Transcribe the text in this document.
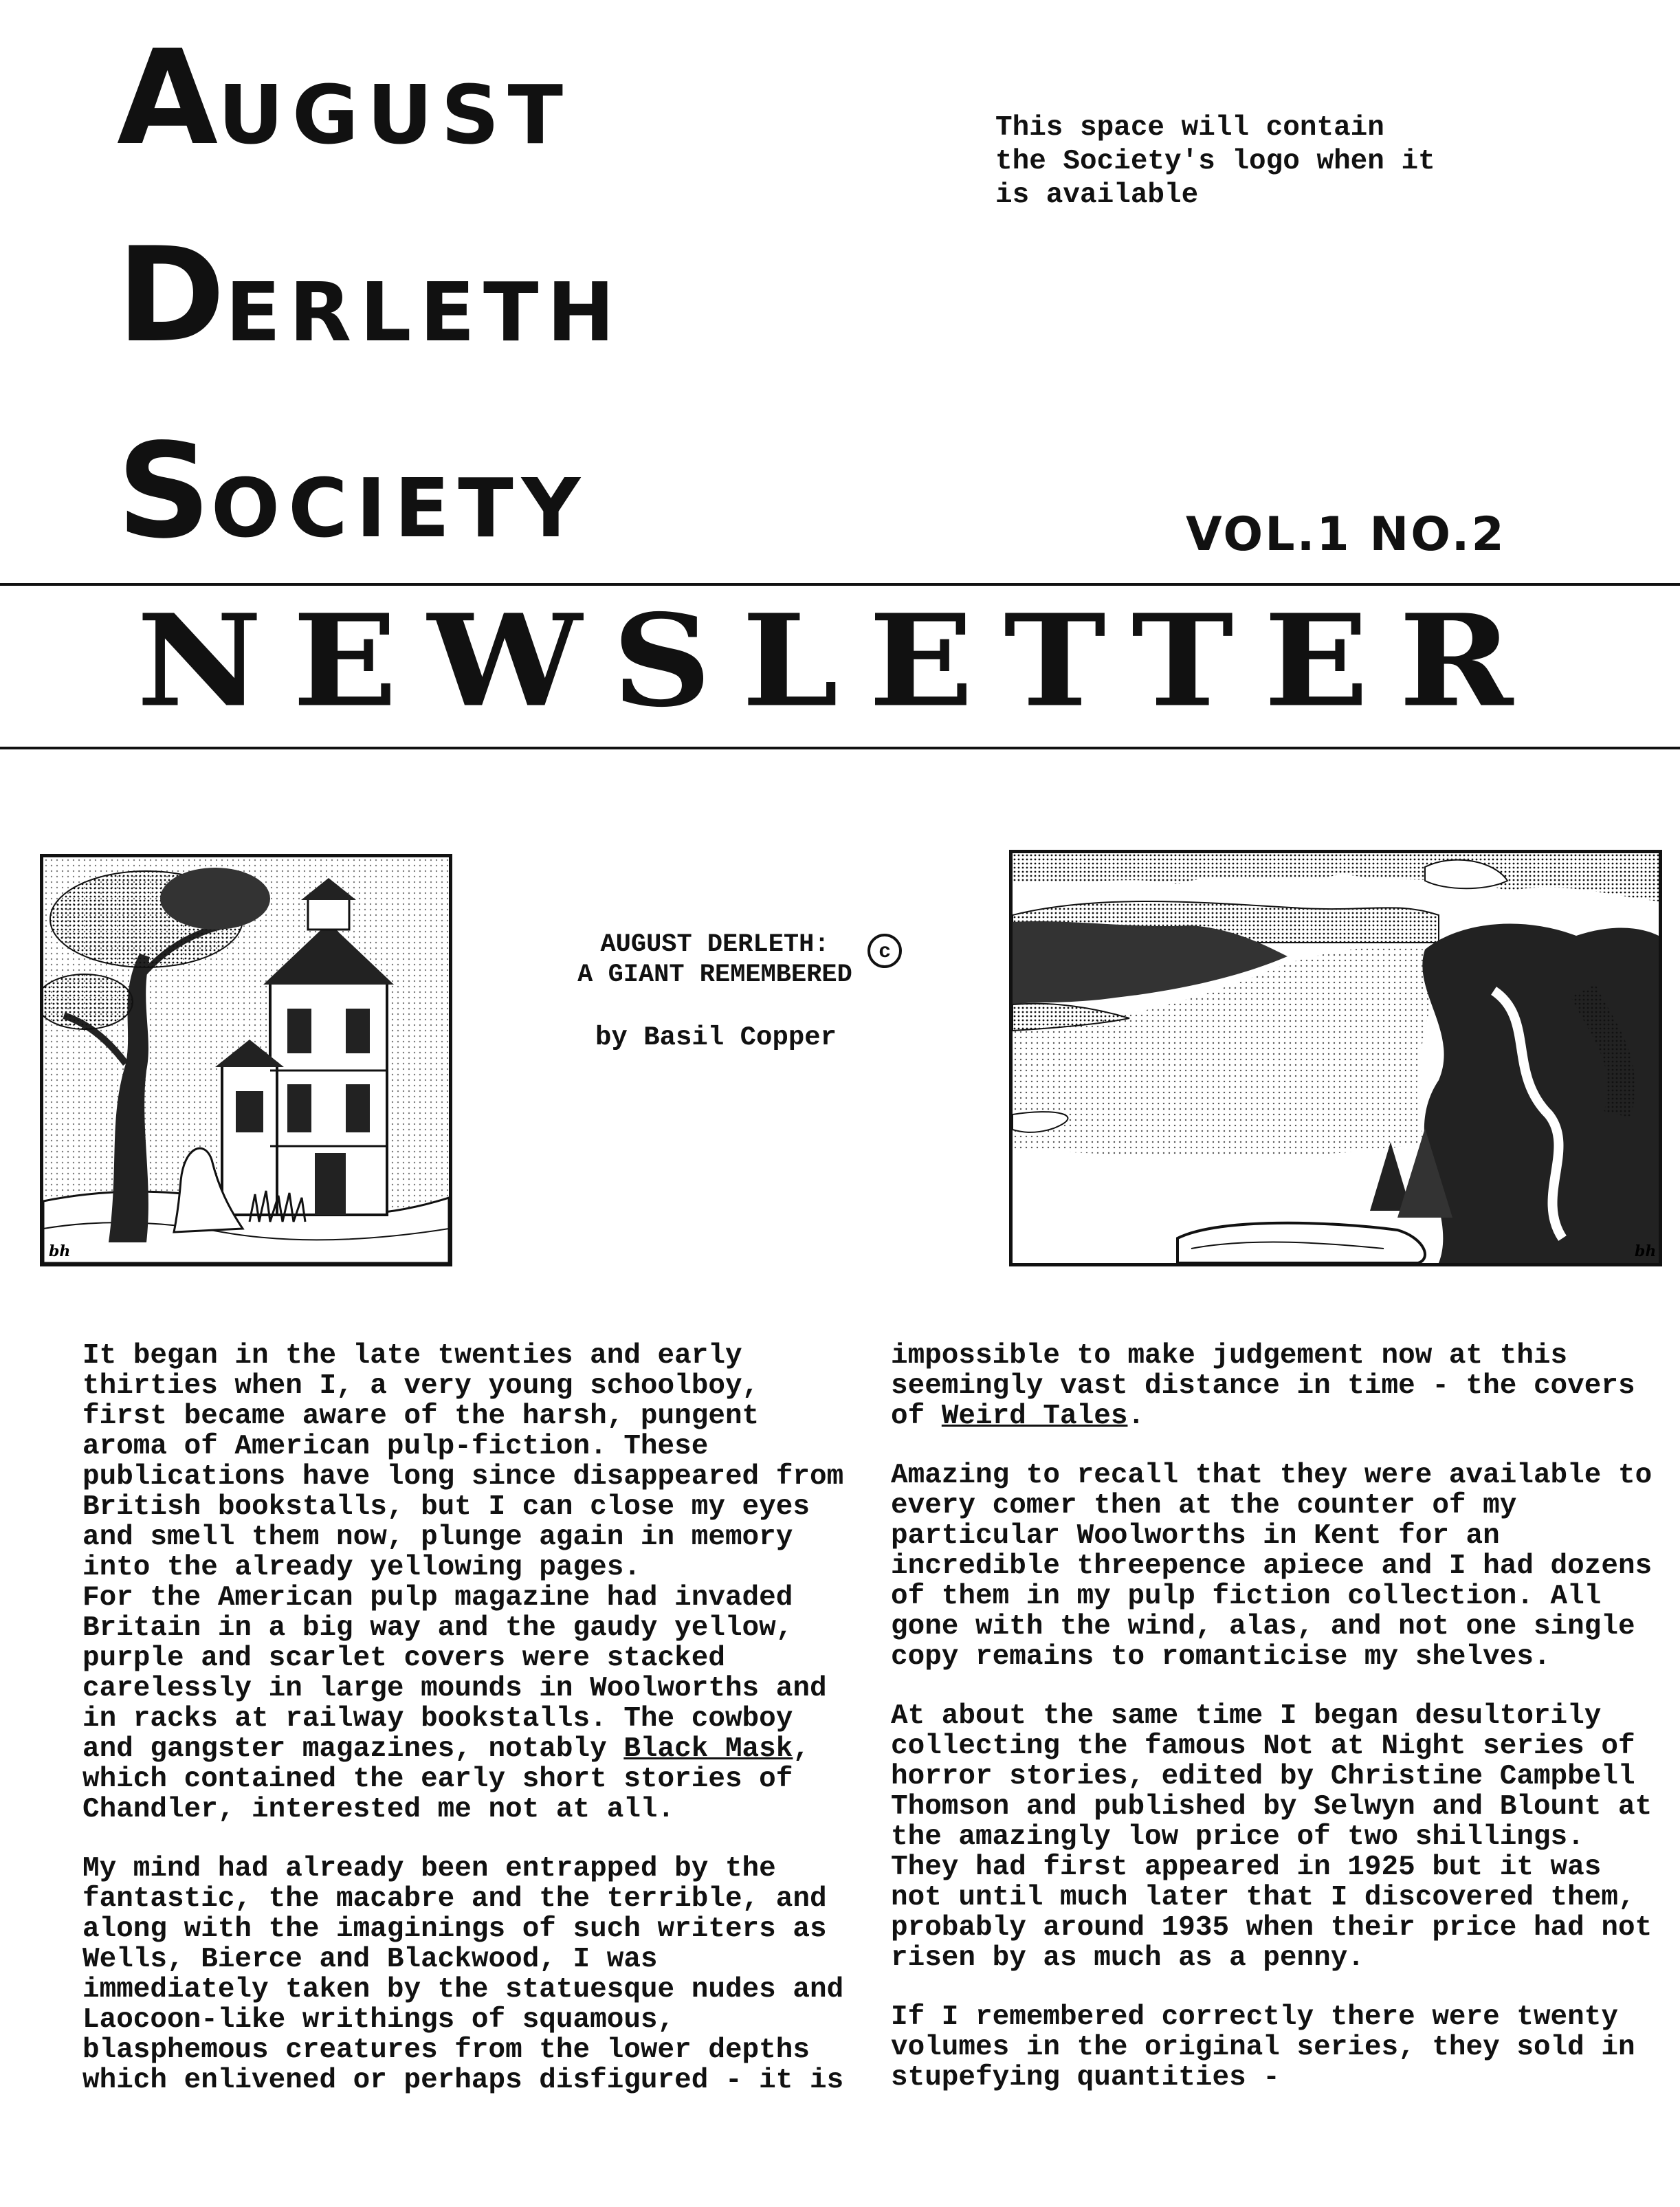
AUGUST
DERLETH
SOCIETY

This space will contain the Society's logo when it is available

VOL.1 NO.2
NEWSLETTER
bh
AUGUST DERLETH:
A GIANT REMEMBERED
c

by Basil Copper

bh

It began in the late twenties and early thirties when I, a very young schoolboy, first became aware of the harsh, pungent aroma of American pulp-fiction. These publications have long since disappeared from British bookstalls, but I can close my eyes and smell them now, plunge again in memory into the already yellowing pages.

For the American pulp magazine had invaded Britain in a big way and the gaudy yellow, purple and scarlet covers were stacked carelessly in large mounds in Woolworths and in racks at railway bookstalls. The cowboy and gangster magazines, notably Black Mask, which contained the early short stories of Chandler, interested me not at all.

My mind had already been entrapped by the fantastic, the macabre and the terrible, and along with the imaginings of such writers as Wells, Bierce and Blackwood, I was immediately taken by the statuesque nudes and Laocoon-like writhings of squamous, blasphemous creatures from the lower depths which enlivened or perhaps disfigured - it is

impossible to make judgement now at this seemingly vast distance in time - the covers of Weird Tales.

Amazing to recall that they were available to every comer then at the counter of my particular Woolworths in Kent for an incredible threepence apiece and I had dozens of them in my pulp fiction collection. All gone with the wind, alas, and not one single copy remains to romanticise my shelves.

At about the same time I began desultorily collecting the famous Not at Night series of horror stories, edited by Christine Campbell Thomson and published by Selwyn and Blount at the amazingly low price of two shillings. They had first appeared in 1925 but it was not until much later that I discovered them, probably around 1935 when their price had not risen by as much as a penny.

If I remembered correctly there were twenty volumes in the original series, they sold in stupefying quantities -
